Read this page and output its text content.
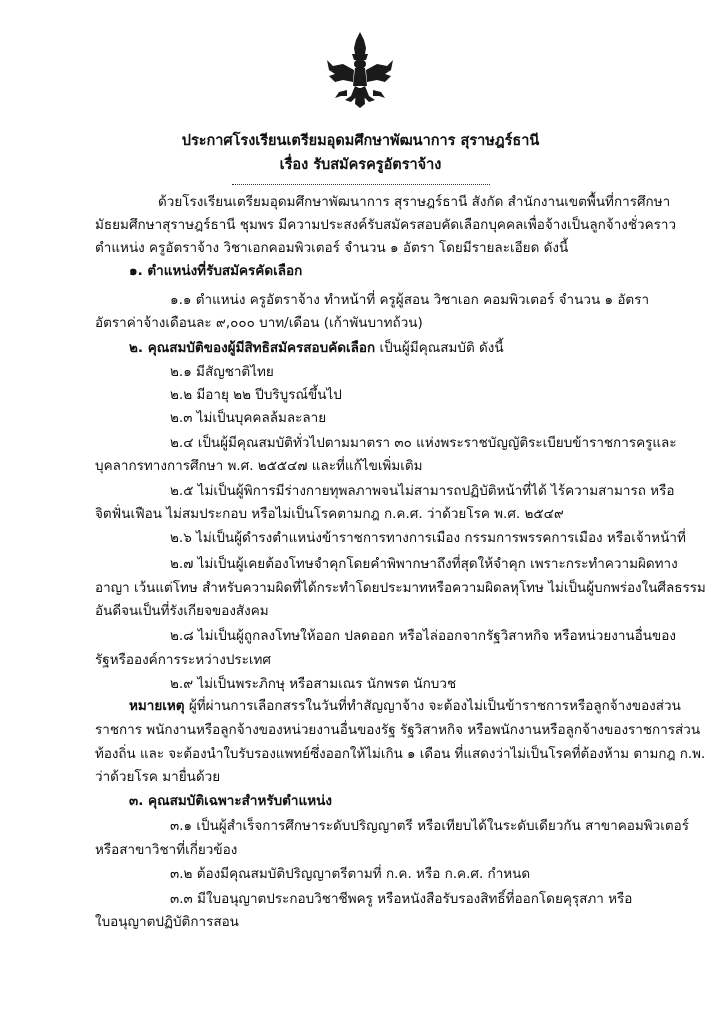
ประกาศโรงเรียนเตรียมอุดมศึกษาพัฒนาการ สุราษฎร์ธานี
เรื่อง รับสมัครครูอัตราจ้าง
ด้วยโรงเรียนเตรียมอุดมศึกษาพัฒนาการ สุราษฎร์ธานี สังกัด สำนักงานเขตพื้นที่การศึกษา
มัธยมศึกษาสุราษฎร์ธานี ชุมพร มีความประสงค์รับสมัครสอบคัดเลือกบุคคลเพื่อจ้างเป็นลูกจ้างชั่วคราว
ตำแหน่ง ครูอัตราจ้าง วิชาเอกคอมพิวเตอร์ จำนวน ๑ อัตรา โดยมีรายละเอียด ดังนี้
๑. ตำแหน่งที่รับสมัครคัดเลือก
๑.๑ ตำแหน่ง ครูอัตราจ้าง ทำหน้าที่ ครูผู้สอน วิชาเอก คอมพิวเตอร์ จำนวน ๑ อัตรา
อัตราค่าจ้างเดือนละ ๙,๐๐๐ บาท/เดือน (เก้าพันบาทถ้วน)
๒. คุณสมบัติของผู้มีสิทธิสมัครสอบคัดเลือก เป็นผู้มีคุณสมบัติ ดังนี้
๒.๑ มีสัญชาติไทย
๒.๒ มีอายุ ๒๒ ปีบริบูรณ์ขึ้นไป
๒.๓ ไม่เป็นบุคคลล้มละลาย
๒.๔ เป็นผู้มีคุณสมบัติทั่วไปตามมาตรา ๓๐ แห่งพระราชบัญญัติระเบียบข้าราชการครูและ
บุคลากรทางการศึกษา พ.ศ. ๒๕๕๔๗ และที่แก้ไขเพิ่มเติม
๒.๕ ไม่เป็นผู้พิการมีร่างกายทุพลภาพจนไม่สามารถปฏิบัติหน้าที่ได้ ไร้ความสามารถ หรือ
จิตฟั่นเฟือน ไม่สมประกอบ หรือไม่เป็นโรคตามกฎ ก.ค.ศ. ว่าด้วยโรค พ.ศ. ๒๕๔๙
๒.๖ ไม่เป็นผู้ดำรงตำแหน่งข้าราชการทางการเมือง กรรมการพรรคการเมือง หรือเจ้าหน้าที่
๒.๗ ไม่เป็นผู้เคยต้องโทษจำคุกโดยคำพิพากษาถึงที่สุดให้จำคุก เพราะกระทำความผิดทาง
อาญา เว้นแต่โทษ สำหรับความผิดที่ได้กระทำโดยประมาทหรือความผิดลหุโทษ ไม่เป็นผู้บกพร่องในศีลธรรม
อันดีจนเป็นที่รังเกียจของสังคม
๒.๘ ไม่เป็นผู้ถูกลงโทษให้ออก ปลดออก หรือไล่ออกจากรัฐวิสาหกิจ หรือหน่วยงานอื่นของ
รัฐหรือองค์การระหว่างประเทศ
๒.๙ ไม่เป็นพระภิกษุ หรือสามเณร นักพรต นักบวช
หมายเหตุ ผู้ที่ผ่านการเลือกสรรในวันที่ทำสัญญาจ้าง จะต้องไม่เป็นข้าราชการหรือลูกจ้างของส่วน
ราชการ พนักงานหรือลูกจ้างของหน่วยงานอื่นของรัฐ รัฐวิสาหกิจ หรือพนักงานหรือลูกจ้างของราชการส่วน
ท้องถิ่น และ จะต้องนำใบรับรองแพทย์ซึ่งออกให้ไม่เกิน ๑ เดือน ที่แสดงว่าไม่เป็นโรคที่ต้องห้าม ตามกฎ ก.พ.
ว่าด้วยโรค มายื่นด้วย
๓. คุณสมบัติเฉพาะสำหรับตำแหน่ง
๓.๑ เป็นผู้สำเร็จการศึกษาระดับปริญญาตรี หรือเทียบได้ในระดับเดียวกัน สาขาคอมพิวเตอร์
หรือสาขาวิชาที่เกี่ยวข้อง
๓.๒ ต้องมีคุณสมบัติปริญญาตรีตามที่ ก.ค. หรือ ก.ค.ศ. กำหนด
๓.๓ มีใบอนุญาตประกอบวิชาชีพครู หรือหนังสือรับรองสิทธิ์ที่ออกโดยคุรุสภา หรือ
ใบอนุญาตปฏิบัติการสอน
